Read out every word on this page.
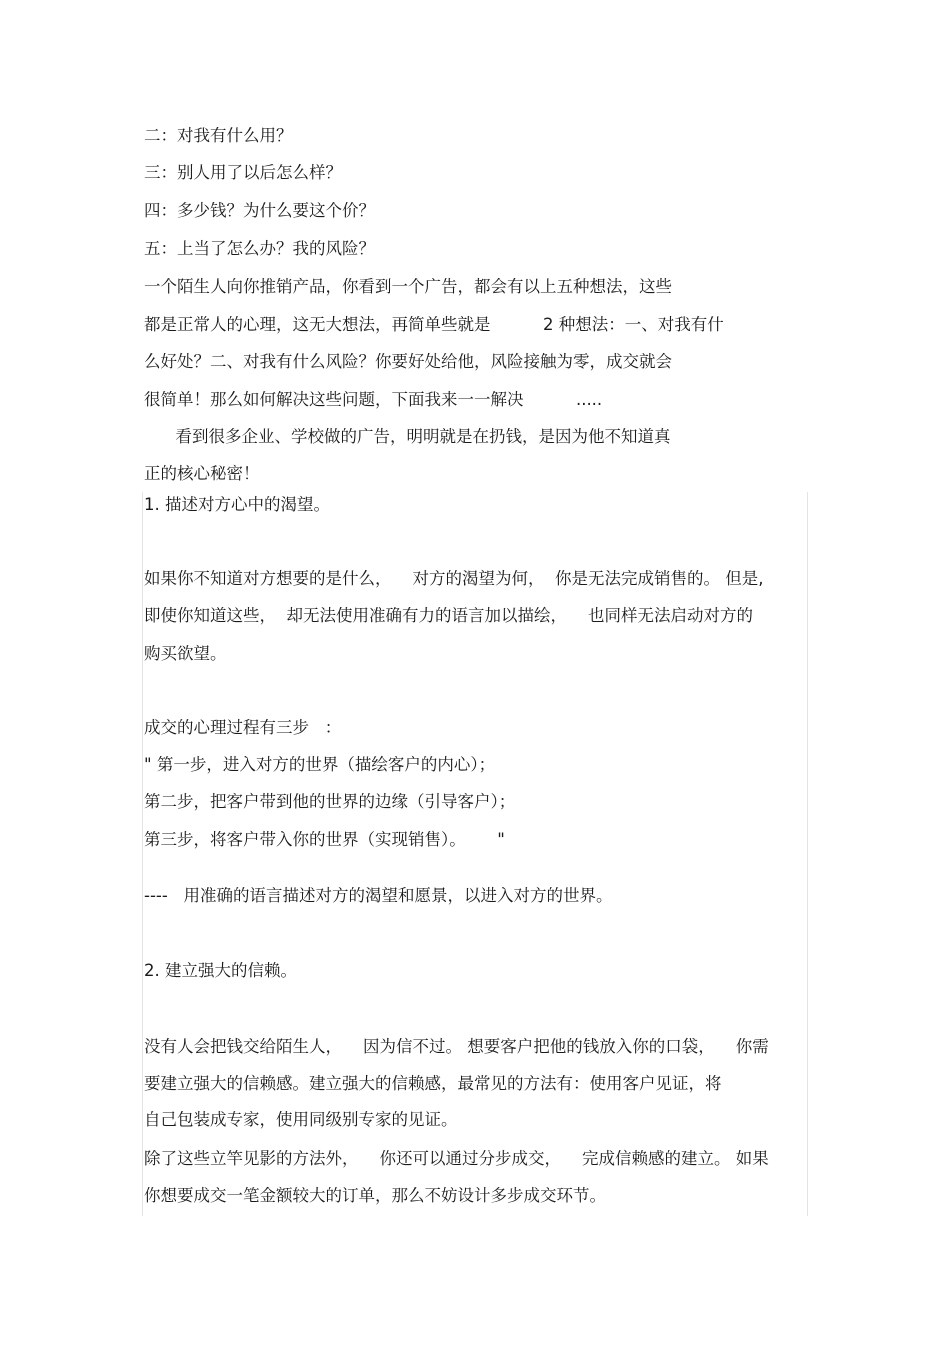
二：对我有什么用？
三：别人用了以后怎么样？
四：多少钱？为什么要这个价？
五：上当了怎么办？我的风险？
一个陌生人向你推销产品，你看到一个广告，都会有以上五种想法，这些
都是正常人的心理，这无大想法，再简单些就是          2 种想法：一、对我有什
么好处？二、对我有什么风险？你要好处给他，风险接触为零，成交就会
很简单！那么如何解决这些问题，下面我来一一解决          .....
看到很多企业、学校做的广告，明明就是在扔钱，是因为他不知道真
正的核心秘密！
1. 描述对方心中的渴望。
如果你不知道对方想要的是什么，    对方的渴望为何，  你是无法完成销售的。 但是,
即使你知道这些，  却无法使用准确有力的语言加以描绘，    也同样无法启动对方的
购买欲望。
成交的心理过程有三步   ：
" 第一步，进入对方的世界（描绘客户的内心）；
第二步，把客户带到他的世界的边缘（引导客户）；
第三步，将客户带入你的世界（实现销售）。      "
----   用准确的语言描述对方的渴望和愿景，以进入对方的世界。
2. 建立强大的信赖。
没有人会把钱交给陌生人，    因为信不过。 想要客户把他的钱放入你的口袋，    你需
要建立强大的信赖感。建立强大的信赖感，最常见的方法有：使用客户见证，将
自己包装成专家，使用同级别专家的见证。
除了这些立竿见影的方法外，    你还可以通过分步成交，    完成信赖感的建立。 如果
你想要成交一笔金额较大的订单，那么不妨设计多步成交环节。
